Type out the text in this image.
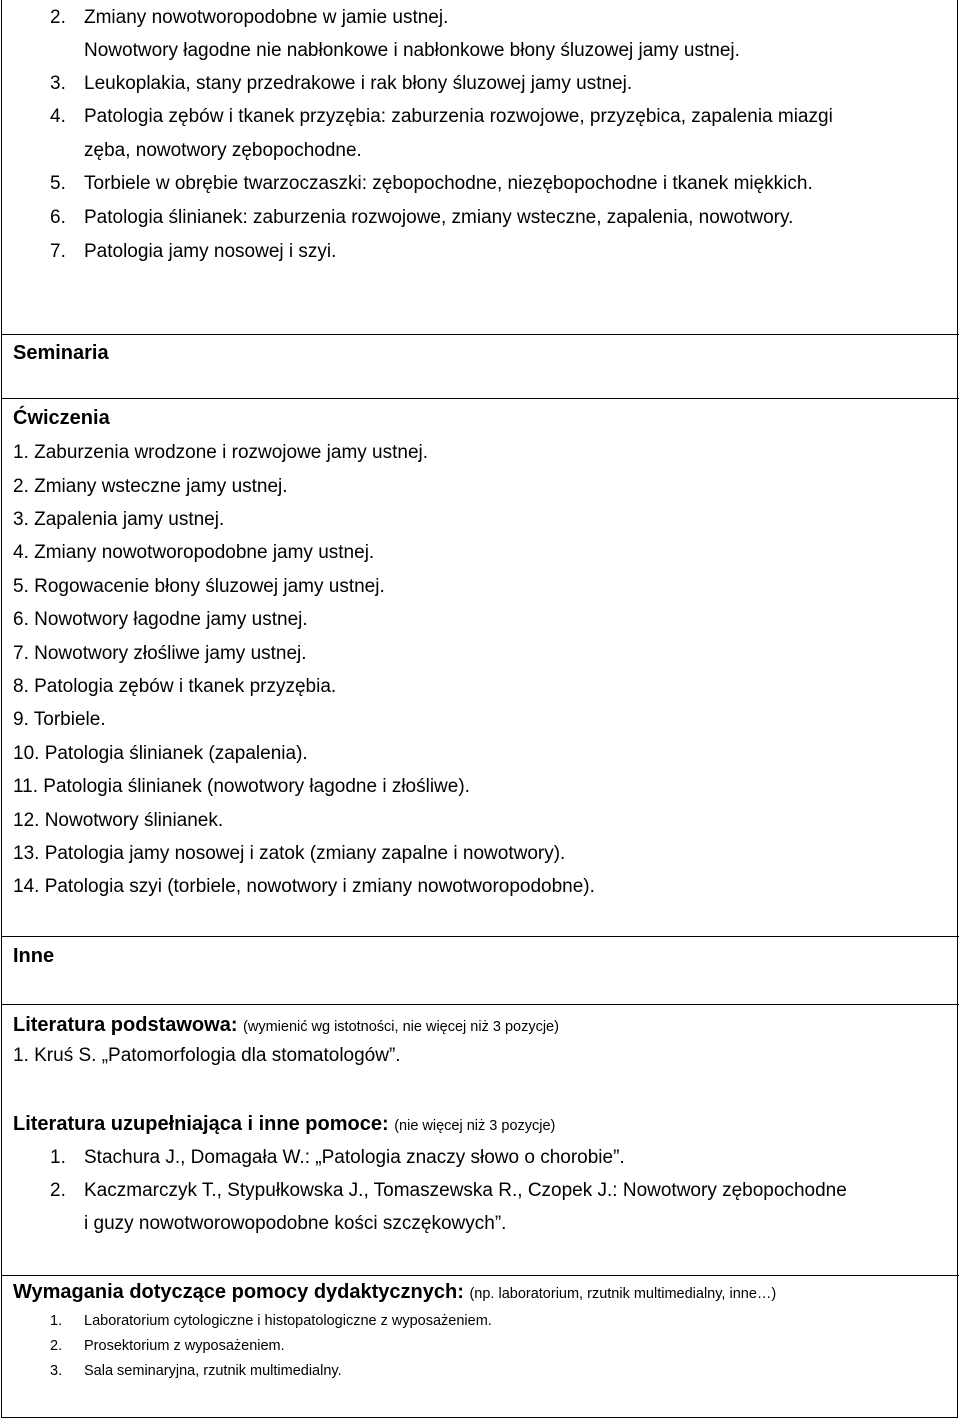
2. Zmiany nowotworopodobne w jamie ustnej.
Nowotwory łagodne nie nabłonkowe i nabłonkowe błony śluzowej jamy ustnej.
3. Leukoplakia, stany przedrakowe i rak błony śluzowej jamy ustnej.
4. Patologia zębów i tkanek przyzębia: zaburzenia rozwojowe, przyzębica, zapalenia miazgi
zęba, nowotwory zębopochodne.
5. Torbiele w obrębie twarzoczaszki: zębopochodne, niezębopochodne i tkanek miękkich.
6. Patologia ślinianek: zaburzenia rozwojowe, zmiany wsteczne, zapalenia, nowotwory.
7. Patologia jamy nosowej i szyi.
Seminaria
Ćwiczenia
1. Zaburzenia wrodzone i rozwojowe jamy ustnej.
2. Zmiany wsteczne jamy ustnej.
3. Zapalenia jamy ustnej.
4. Zmiany nowotworopodobne jamy ustnej.
5. Rogowacenie błony śluzowej jamy ustnej.
6. Nowotwory łagodne jamy ustnej.
7. Nowotwory złośliwe jamy ustnej.
8. Patologia zębów i tkanek przyzębia.
9. Torbiele.
10. Patologia ślinianek (zapalenia).
11. Patologia ślinianek (nowotwory łagodne i złośliwe).
12. Nowotwory ślinianek.
13. Patologia jamy nosowej i zatok (zmiany zapalne i nowotwory).
14. Patologia szyi (torbiele, nowotwory i zmiany nowotworopodobne).
Inne
Literatura podstawowa: (wymienić wg istotności, nie więcej niż 3 pozycje)
1. Kruś S. „Patomorfologia dla stomatologów”.
Literatura uzupełniająca i inne pomoce: (nie więcej niż 3 pozycje)
1. Stachura J., Domagała W.: „Patologia znaczy słowo o chorobie”.
2. Kaczmarczyk T., Stypułkowska J., Tomaszewska R., Czopek J.: Nowotwory zębopochodne
i guzy nowotworowopodobne kości szczękowych”.
Wymagania dotyczące pomocy dydaktycznych: (np. laboratorium, rzutnik multimedialny, inne…)
1. Laboratorium cytologiczne i histopatologiczne z wyposażeniem.
2. Prosektorium z wyposażeniem.
3. Sala seminaryjna, rzutnik multimedialny.
